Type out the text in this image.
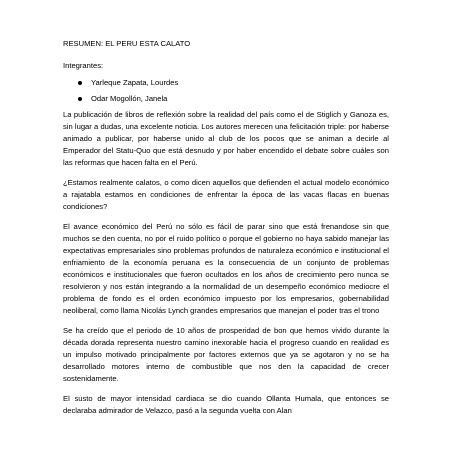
RESUMEN: EL PERU ESTA CALATO
Integrantes:
Yarleque Zapata, Lourdes
Odar Mogollón, Janela

La publicación de libros de reflexión sobre la realidad del país como el de Stiglich y Ganoza es, sin lugar a dudas, una excelente noticia. Los autores merecen una felicitación triple: por haberse animado a publicar, por haberse unido al club de los pocos que se animan a decirle al Emperador del Statu-Quo que está desnudo y por haber encendido el debate sobre cuáles son las reformas que hacen falta en el Perú.

¿Estamos realmente calatos, o como dicen aquellos que defienden el actual modelo económico a rajatabla estamos en condiciones de enfrentar la época de las vacas flacas en buenas condiciones?

El avance económico del Perú no sólo es fácil de parar sino que está frenandose sin que muchos se den cuenta, no por el ruido político o porque el gobierno no haya sabido manejar las expectativas empresariales sino problemas profundos de naturaleza económico e institucional el enfriamiento de la economía peruana es la consecuencia de un conjunto de problemas económicos e institucionales que fueron ocultados en los años de crecimiento pero nunca se resolvieron y nos están integrando a la normalidad de un desempeño económico mediocre el problema de fondo es el orden económico impuesto por los empresarios, gobernabilidad neoliberal, como llama Nicolás Lynch grandes empresarios que manejan el poder tras el trono

Se ha creído que el periodo de 10 años de prosperidad de bon que hemos vivido durante la década dorada representa nuestro camino inexorable hacia el progreso cuando en realidad es un impulso motivado principalmente por factores externos que ya se agotaron y no se ha desarrollado motores interno de combustible que nos den la capacidad de crecer sostenidamente.

El susto de mayor intensidad cardiaca se dio cuando Ollanta Humala, que entonces se declaraba admirador de Velazco, pasó a la segunda vuelta con Alan
